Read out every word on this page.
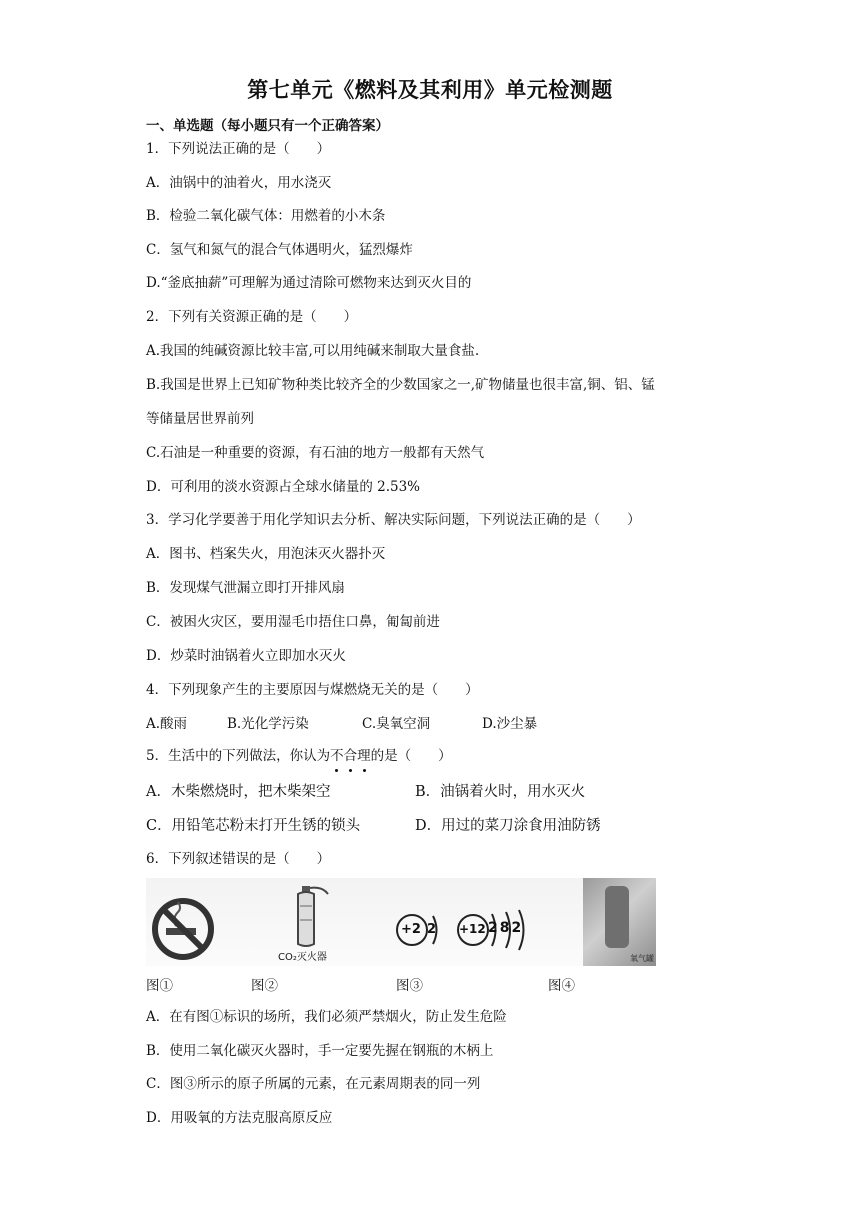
第七单元《燃料及其利用》单元检测题
一、单选题（每小题只有一个正确答案）
1．下列说法正确的是（　　）
A．油锅中的油着火，用水浇灭
B．检验二氧化碳气体：用燃着的小木条
C．氢气和氮气的混合气体遇明火，猛烈爆炸
D.“釜底抽薪”可理解为通过清除可燃物来达到灭火目的
2．下列有关资源正确的是（　　）
A.我国的纯碱资源比较丰富,可以用纯碱来制取大量食盐.
B.我国是世界上已知矿物种类比较齐全的少数国家之一,矿物储量也很丰富,铜、铝、锰
等储量居世界前列
C.石油是一种重要的资源，有石油的地方一般都有天然气
D．可利用的淡水资源占全球水储量的 2.53%
3．学习化学要善于用化学知识去分析、解决实际问题，下列说法正确的是（　　）
A．图书、档案失火，用泡沫灭火器扑灭
B．发现煤气泄漏立即打开排风扇
C．被困火灾区，要用湿毛巾捂住口鼻，匍匐前进
D．炒菜时油锅着火立即加水灭火
4．下列现象产生的主要原因与煤燃烧无关的是（　　）
A.酸雨	B.光化学污染	C.臭氧空洞	D.沙尘暴
5．生活中的下列做法，你认为不合理
的是（　　）
A．木柴燃烧时，把木柴架空	B．油锅着火时，用水灭火
C．用铅笔芯粉末打开生锈的锁头	D．用过的菜刀涂食用油防锈
6．下列叙述错误的是（　　）
CO₂灭火器
+2 2 +12 282
氧气罐
图①	图②	图③	图④
A．在有图①标识的场所，我们必须严禁烟火，防止发生危险
B．使用二氧化碳灭火器时，手一定要先握在钢瓶的木柄上
C．图③所示的原子所属的元素，在元素周期表的同一列
D．用吸氧的方法克服高原反应
